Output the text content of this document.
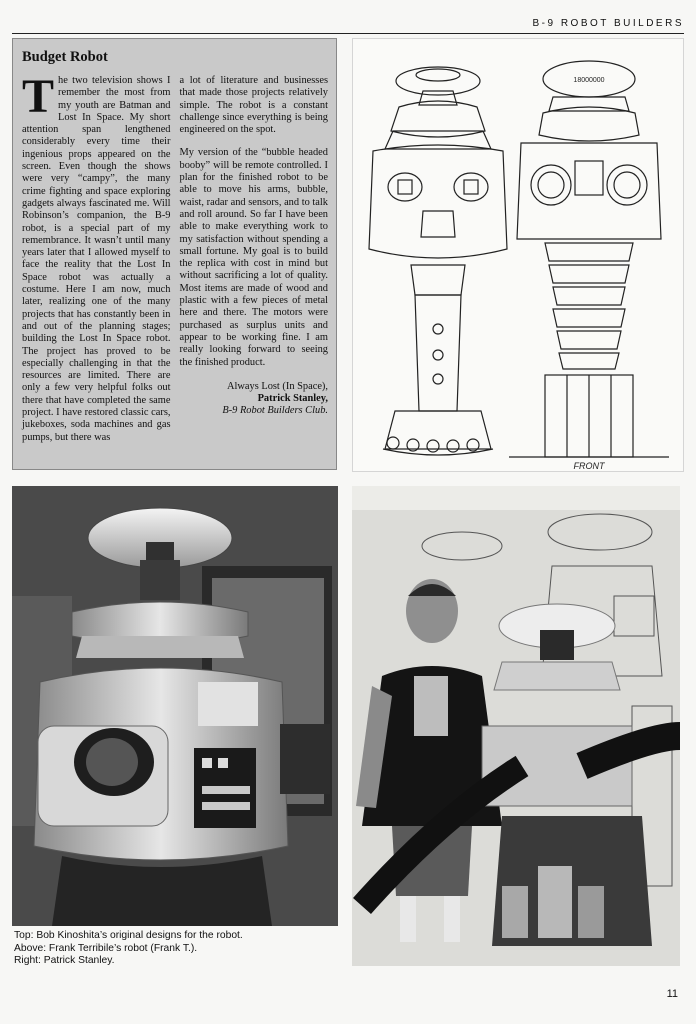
B-9 ROBOT BUILDERS
Budget Robot

The two television shows I remember the most from my youth are Batman and Lost In Space. My short attention span lengthened considerably every time their ingenious props appeared on the screen. Even though the shows were very “campy”, the many crime fighting and space exploring gadgets always fascinated me. Will Robinson’s companion, the B-9 robot, is a special part of my remembrance. It wasn’t until many years later that I allowed myself to face the reality that the Lost In Space robot was actually a costume. Here I am now, much later, realizing one of the many projects that has constantly been in and out of the planning stages; building the Lost In Space robot. The project has proved to be especially challenging in that the resources are limited. There are only a few very helpful folks out there that have completed the same project. I have restored classic cars, jukeboxes, soda machines and gas pumps, but there was

a lot of literature and businesses that made those projects relatively simple. The robot is a constant challenge since everything is being engineered on the spot.

My version of the “bubble headed booby” will be remote controlled. I plan for the finished robot to be able to move his arms, bubble, waist, radar and sensors, and to talk and roll around. So far I have been able to make everything work to my satisfaction without spending a small fortune. My goal is to build the replica with cost in mind but without sacrificing a lot of quality. Most items are made of wood and plastic with a few pieces of metal here and there. The motors were purchased as surplus units and appear to be working fine. I am really looking forward to seeing the finished product.

Always Lost (In Space),
Patrick Stanley,
B-9 Robot Builders Club.
18000000
FRONT
Top: Bob Kinoshita’s original designs for the robot.
Above: Frank Terribile’s robot (Frank T.).
Right: Patrick Stanley.
11
